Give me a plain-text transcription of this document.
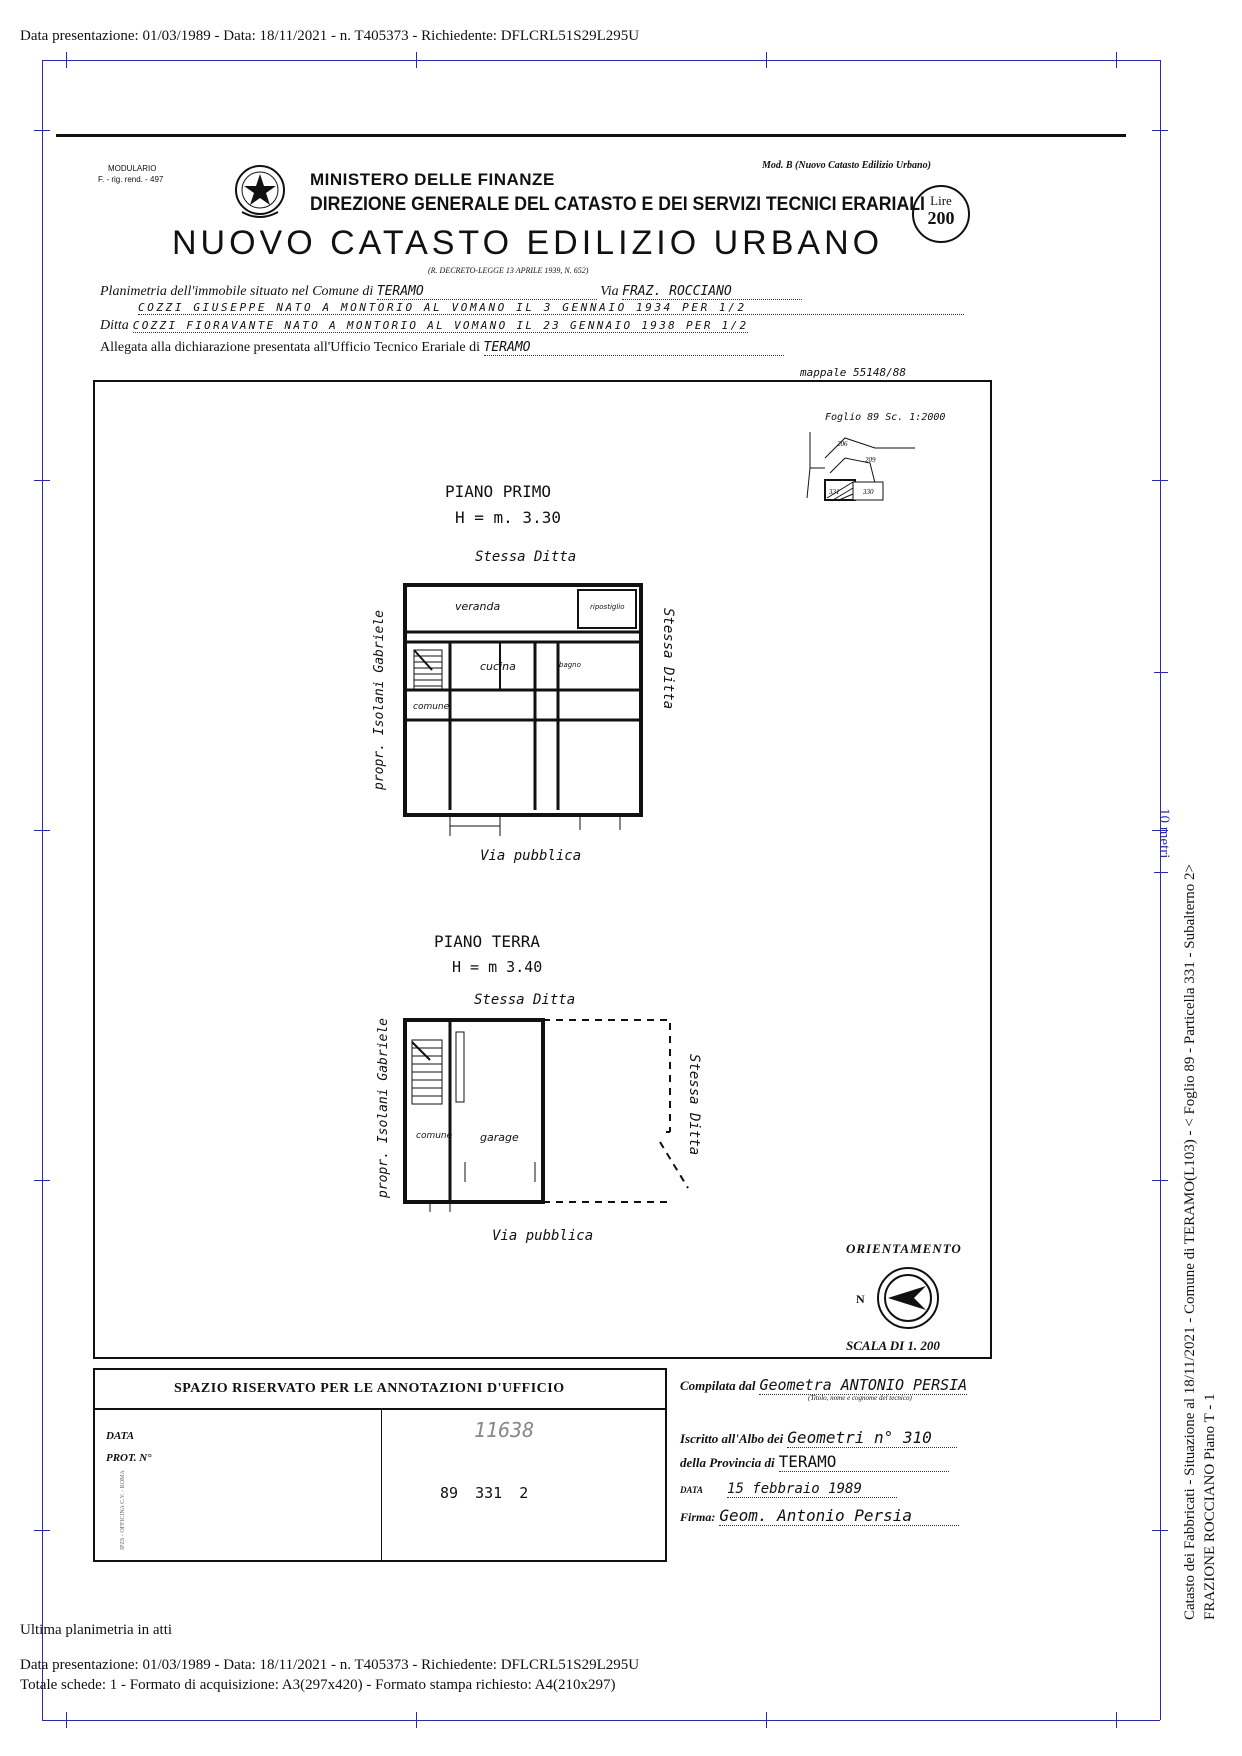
Data presentazione: 01/03/1989 - Data: 18/11/2021 - n. T405373 - Richiedente: DFLCRL51S29L295U
10 metri
Catasto dei Fabbricati - Situazione al 18/11/2021 - Comune di TERAMO(L103) - < Foglio 89 - Particella 331 - Subalterno 2> FRAZIONE ROCCIANO Piano T - 1
MODULARIO
F. - rig. rend. - 497	MINISTERO DELLE FINANZE
DIREZIONE GENERALE DEL CATASTO E DEI SERVIZI TECNICI ERARIALI
Mod. B (Nuovo Catasto Edilizio Urbano)
Lire
200
NUOVO CATASTO EDILIZIO URBANO
(R. DECRETO-LEGGE 13 APRILE 1939, N. 652)
Planimetria dell'immobile situato nel Comune di TERAMO	Via FRAZ. ROCCIANO
COZZI GIUSEPPE NATO A MONTORIO AL VOMANO IL 3 GENNAIO 1934 PER 1/2
Ditta COZZI FIORAVANTE NATO A MONTORIO AL VOMANO IL 23 GENNAIO 1938 PER 1/2
Allegata alla dichiarazione presentata all'Ufficio Tecnico Erariale di TERAMO
mappale 55148/88
Foglio 89 Sc. 1:2000
206
209
331	330
PIANO PRIMO
H = m. 3.30
Stessa Ditta
veranda	ripostiglio
cucina	bagno
comune
propr. Isolani Gabriele	Stessa Ditta
Via pubblica
PIANO TERRA
H = m 3.40
Stessa Ditta
comune	garage
propr. Isolani Gabriele	Stessa Ditta
Via pubblica
ORIENTAMENTO
N
SCALA DI 1. 200
SPAZIO RISERVATO PER LE ANNOTAZIONI D'UFFICIO
DATA
PROT. N°
IPZS - OFFICINA C.V. - ROMA
11638
89 331 2
Compilata dal Geometra ANTONIO PERSIA
(Titolo, nome e cognome del tecnico)
Iscritto all'Albo dei Geometri n° 310
della Provincia di TERAMO
DATA 15 febbraio 1989
Firma: Geom. Antonio Persia
Ultima planimetria in atti
Data presentazione: 01/03/1989 - Data: 18/11/2021 - n. T405373 - Richiedente: DFLCRL51S29L295U
Totale schede: 1 - Formato di acquisizione: A3(297x420) - Formato stampa richiesto: A4(210x297)
